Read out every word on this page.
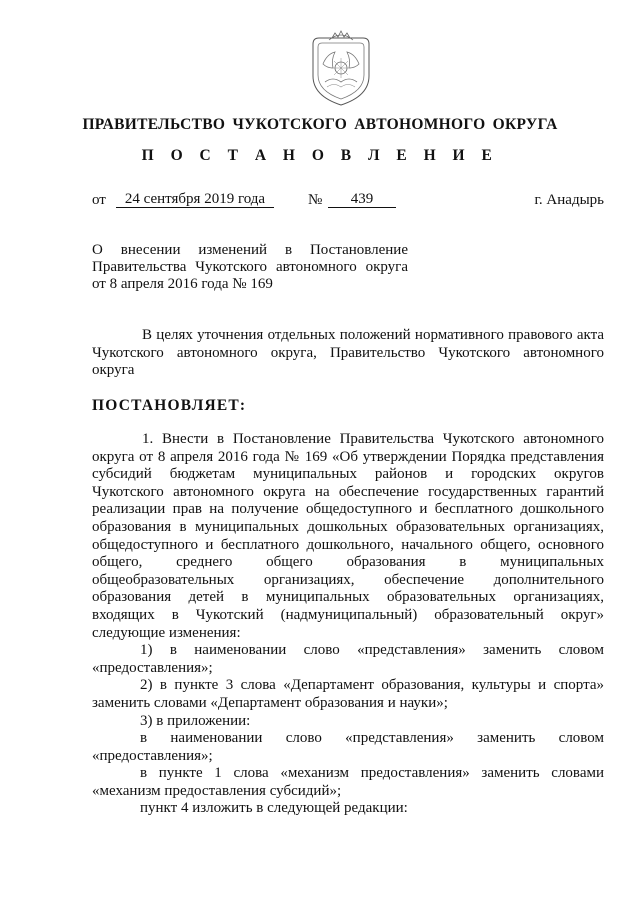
ПРАВИТЕЛЬСТВО ЧУКОТСКОГО АВТОНОМНОГО ОКРУГА
П О С Т А Н О В Л Е Н И Е
от	24 сентября 2019 года	№	439	г. Анадырь

О внесении изменений в Постановление

Правительства Чукотского автономного округа

от 8 апреля 2016 года № 169

В целях уточнения отдельных положений нормативного правового акта

Чукотского автономного округа, Правительство Чукотского автономного

округа

ПОСТАНОВЛЯЕТ:

1. Внести в Постановление Правительства Чукотского автономного

округа от 8 апреля 2016 года № 169 «Об утверждении Порядка представления

субсидий бюджетам муниципальных районов и городских округов

Чукотского автономного округа на обеспечение государственных гарантий

реализации прав на получение общедоступного и бесплатного дошкольного

образования в муниципальных дошкольных образовательных организациях,

общедоступного и бесплатного дошкольного, начального общего, основного

общего, среднего общего образования в муниципальных

общеобразовательных организациях, обеспечение дополнительного

образования детей в муниципальных образовательных организациях,

входящих в Чукотский (надмуниципальный) образовательный округ»

следующие изменения:

1) в наименовании слово «представления» заменить словом

«предоставления»;

2) в пункте 3 слова «Департамент образования, культуры и спорта»

заменить словами «Департамент образования и науки»;

3) в приложении:

в наименовании слово «представления» заменить словом

«предоставления»;

в пункте 1 слова «механизм предоставления» заменить словами

«механизм предоставления субсидий»;

пункт 4 изложить в следующей редакции:
